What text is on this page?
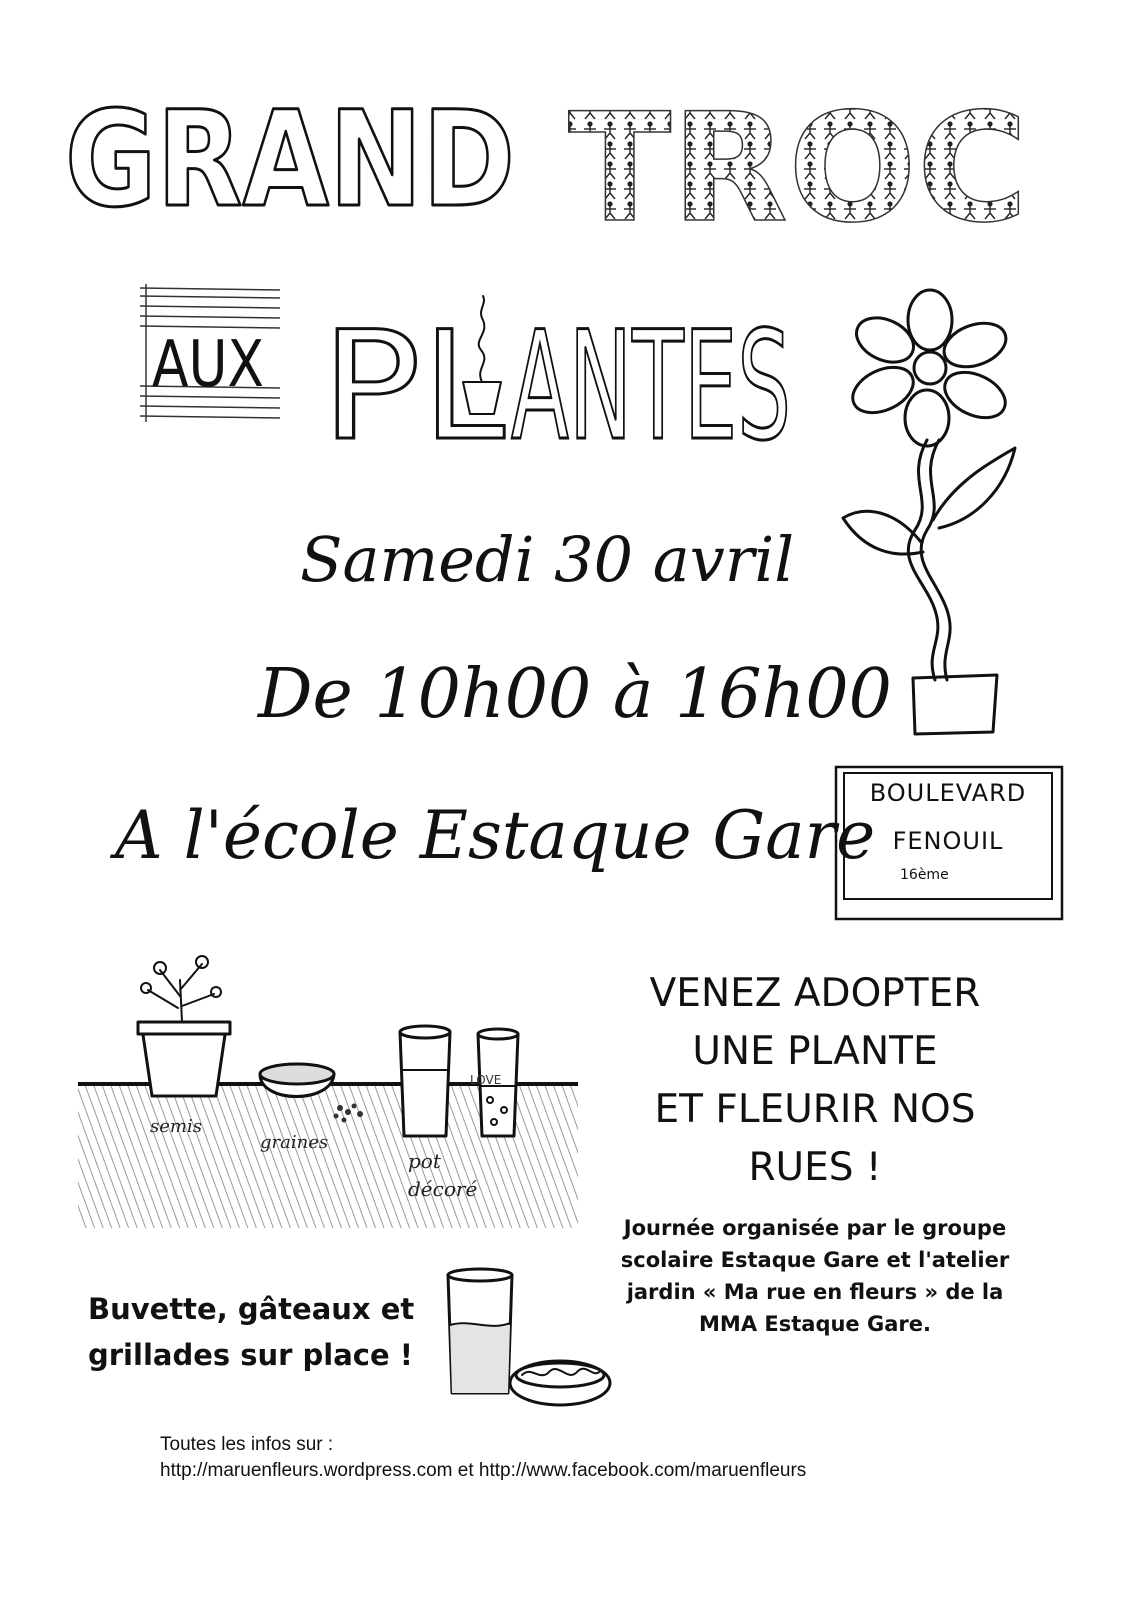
GRAND TROC
AUX P L ANTES
Samedi 30 avril
De 10h00 à 16h00
A l'école Estaque Gare
BOULEVARD
FENOUIL
16ème
LOVE
semis
graines
pot
décoré
VENEZ ADOPTER
UNE PLANTE
ET FLEURIR NOS
RUES !
Journée organisée par le groupe
scolaire Estaque Gare et l'atelier
jardin « Ma rue en fleurs » de la
MMA Estaque Gare.
Buvette, gâteaux et
grillades sur place !
Toutes les infos sur :
http://maruenfleurs.wordpress.com et http://www.facebook.com/maruenfleurs
